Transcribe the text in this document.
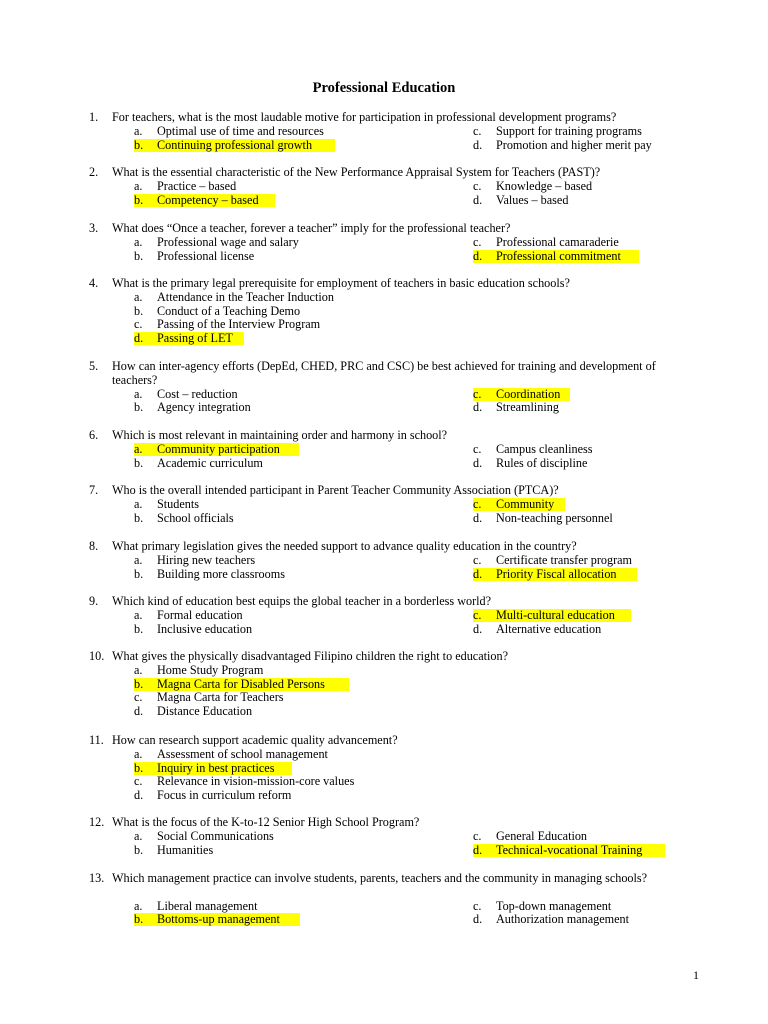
Professional Education
1. For teachers, what is the most laudable motive for participation in professional development programs?
a. Optimal use of time and resources
b. Continuing professional growth
c. Support for training programs
d. Promotion and higher merit pay
2. What is the essential characteristic of the New Performance Appraisal System for Teachers (PAST)?
a. Practice – based
b. Competency – based
c. Knowledge – based
d. Values – based
3. What does “Once a teacher, forever a teacher” imply for the professional teacher?
a. Professional wage and salary
b. Professional license
c. Professional camaraderie
d. Professional commitment
4. What is the primary legal prerequisite for employment of teachers in basic education schools?
a. Attendance in the Teacher Induction
b. Conduct of a Teaching Demo
c. Passing of the Interview Program
d. Passing of LET
5. How can inter-agency efforts (DepEd, CHED, PRC and CSC) be best achieved for training and development of teachers?
a. Cost – reduction
b. Agency integration
c. Coordination
d. Streamlining
6. Which is most relevant in maintaining order and harmony in school?
a. Community participation
b. Academic curriculum
c. Campus cleanliness
d. Rules of discipline
7. Who is the overall intended participant in Parent Teacher Community Association (PTCA)?
a. Students
b. School officials
c. Community
d. Non-teaching personnel
8. What primary legislation gives the needed support to advance quality education in the country?
a. Hiring new teachers
b. Building more classrooms
c. Certificate transfer program
d. Priority Fiscal allocation
9. Which kind of education best equips the global teacher in a borderless world?
a. Formal education
b. Inclusive education
c. Multi-cultural education
d. Alternative education
10. What gives the physically disadvantaged Filipino children the right to education?
a. Home Study Program
b. Magna Carta for Disabled Persons
c. Magna Carta for Teachers
d. Distance Education
11. How can research support academic quality advancement?
a. Assessment of school management
b. Inquiry in best practices
c. Relevance in vision-mission-core values
d. Focus in curriculum reform
12. What is the focus of the K-to-12 Senior High School Program?
a. Social Communications
b. Humanities
c. General Education
d. Technical-vocational Training
13. Which management practice can involve students, parents, teachers and the community in managing schools?
a. Liberal management
b. Bottoms-up management
c. Top-down management
d. Authorization management
1
